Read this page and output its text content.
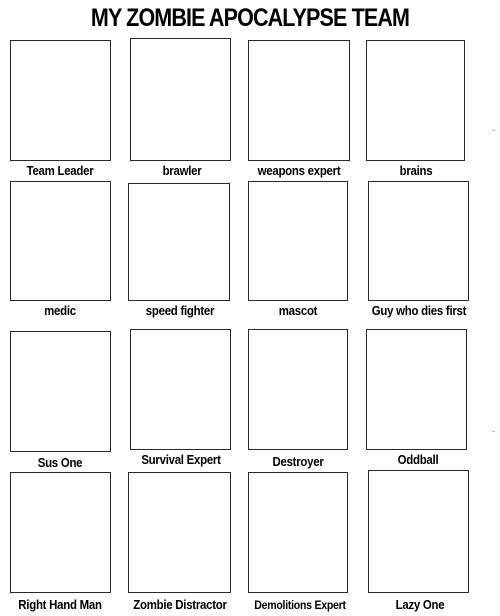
MY ZOMBIE APOCALYPSE TEAM
Team Leader	brawler	weapons expert	brains
medic	speed fighter	mascot	Guy who dies first
Sus One	Survival Expert	Destroyer	Oddball
Right Hand Man	Zombie Distractor	Demolitions Expert	Lazy One
